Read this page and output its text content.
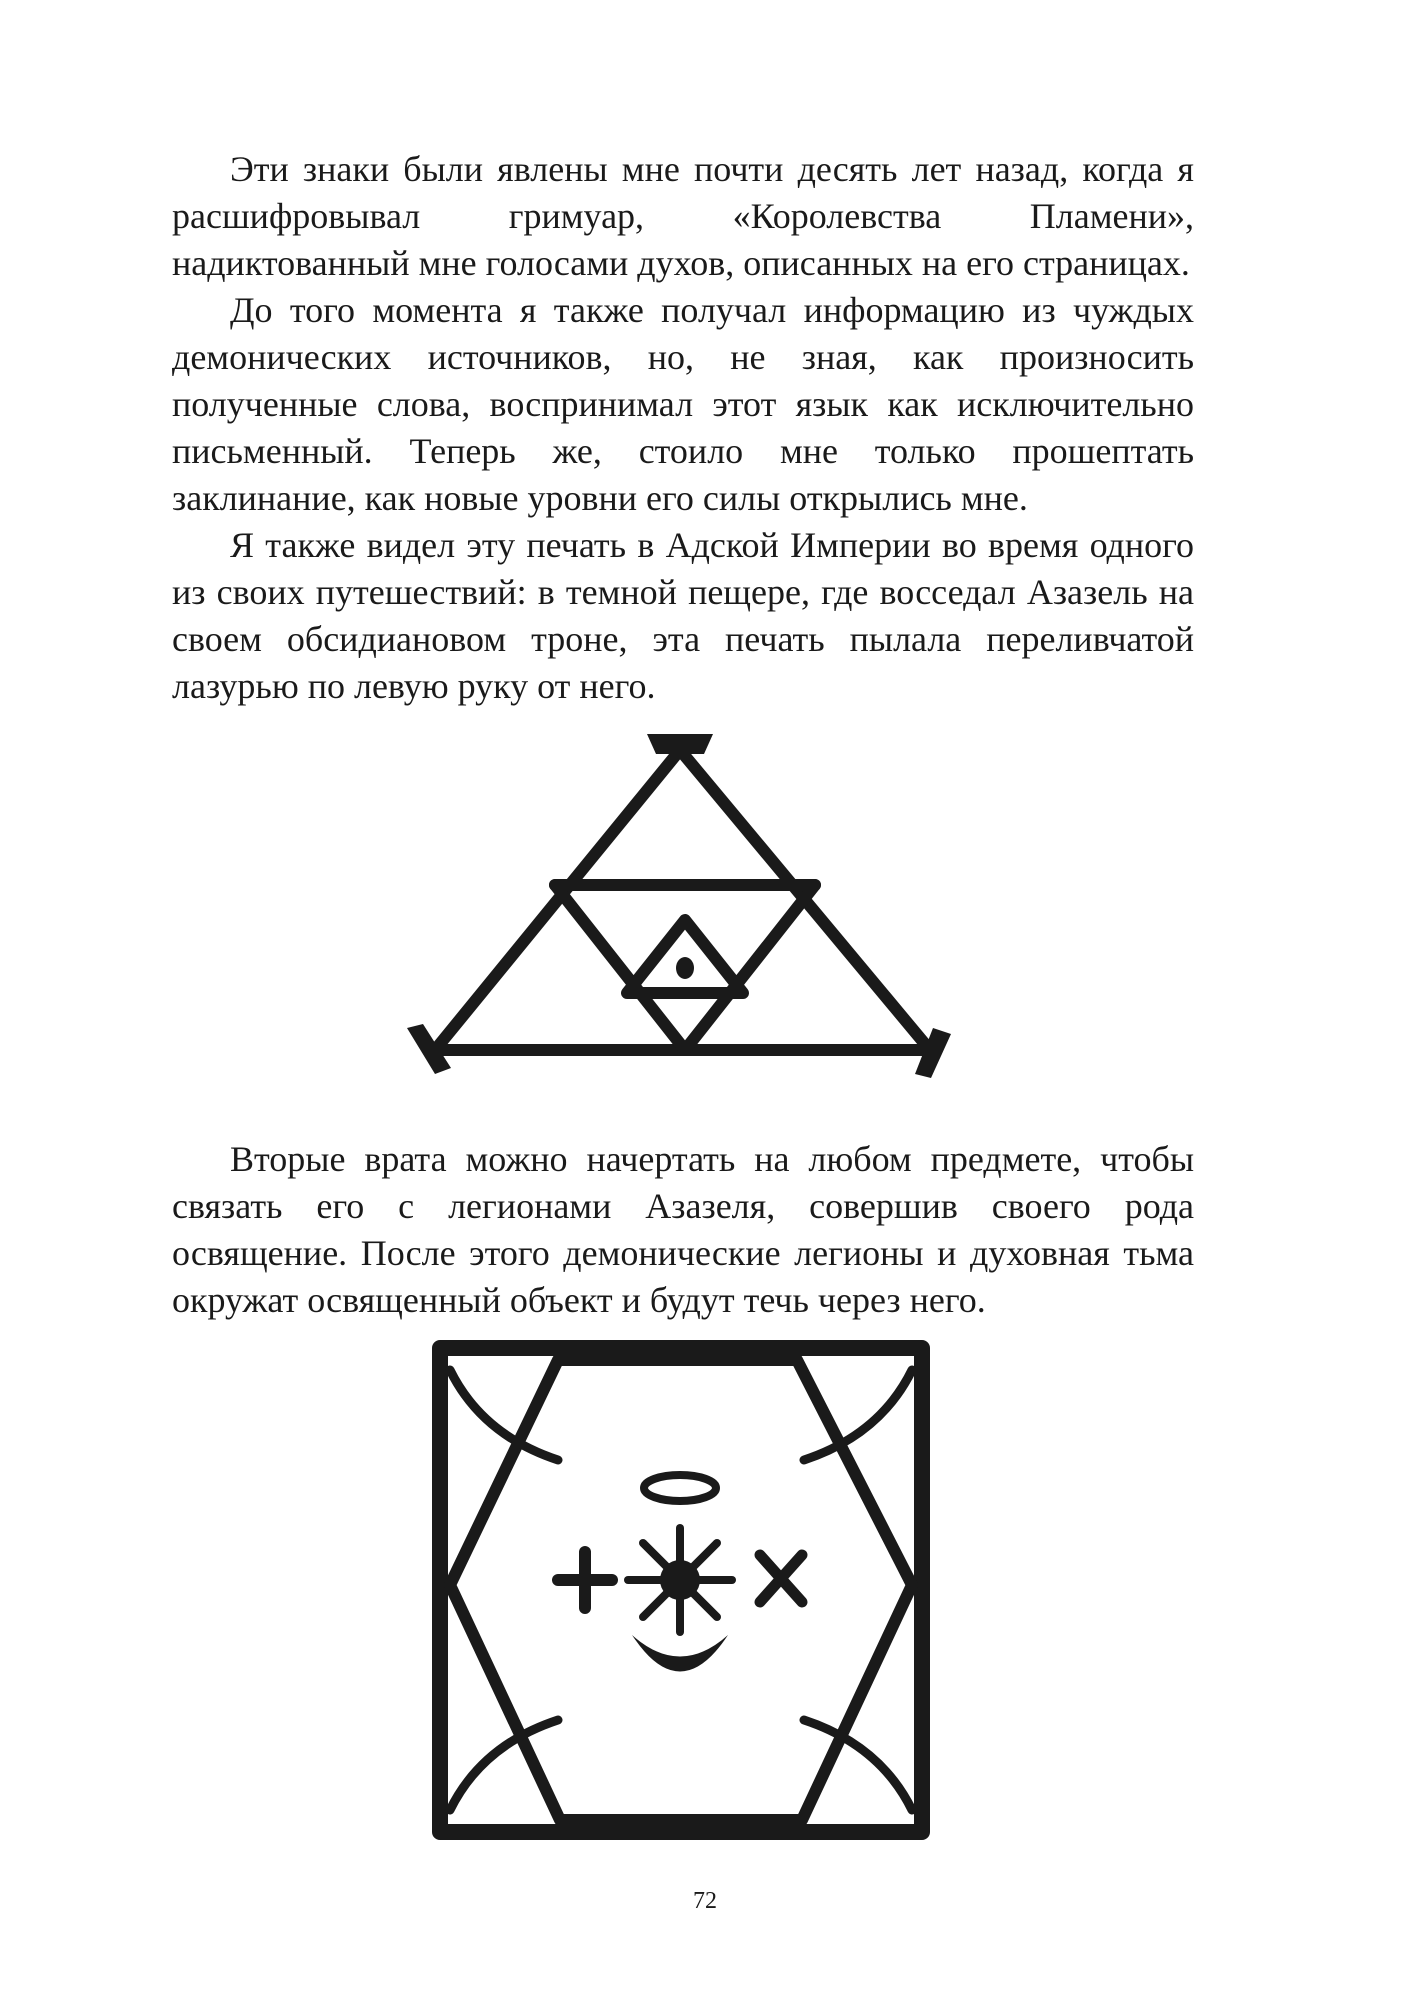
Эти знаки были явлены мне почти десять лет назад, когда я расшифровывал гримуар, «Королевства Пламени», надиктованный мне голосами духов, описанных на его страницах.

До того момента я также получал информацию из чуждых демонических источников, но, не зная, как произносить полученные слова, воспринимал этот язык как исключительно письменный. Теперь же, стоило мне только прошептать заклинание, как новые уровни его силы открылись мне.

Я также видел эту печать в Адской Империи во время одного из своих путешествий: в темной пещере, где восседал Азазель на своем обсидиановом троне, эта печать пылала переливчатой лазурью по левую руку от него.

Вторые врата можно начертать на любом предмете, чтобы связать его с легионами Азазеля, совершив своего рода освящение. После этого демонические легионы и духовная тьма окружат освященный объект и будут течь через него.

72
